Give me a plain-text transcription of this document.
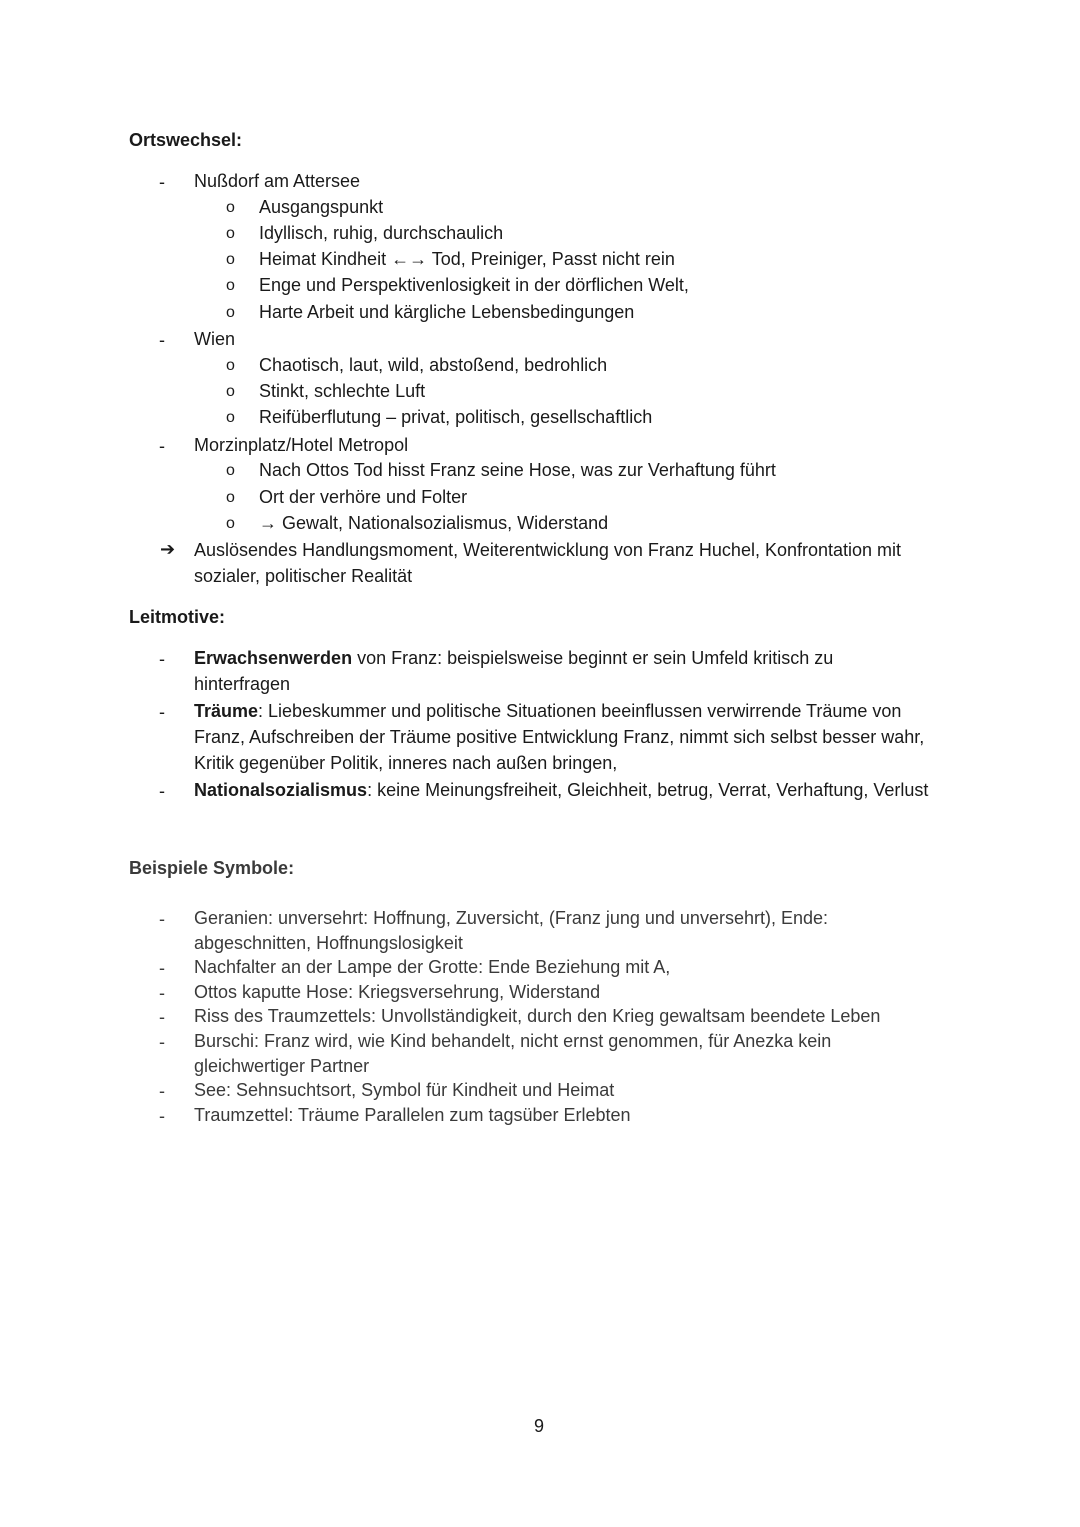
Ortswechsel:
- Nußdorf am Attersee
o Ausgangspunkt
o Idyllisch, ruhig, durchschaulich
o Heimat Kindheit ←→ Tod, Preiniger, Passt nicht rein
o Enge und Perspektivenlosigkeit in der dörflichen Welt,
o Harte Arbeit und kärgliche Lebensbedingungen
- Wien
o Chaotisch, laut, wild, abstoßend, bedrohlich
o Stinkt, schlechte Luft
o Reifüberflutung – privat, politisch, gesellschaftlich
- Morzinplatz/Hotel Metropol
o Nach Ottos Tod hisst Franz seine Hose, was zur Verhaftung führt
o Ort der verhöre und Folter
o → Gewalt, Nationalsozialismus, Widerstand
➔ Auslösendes Handlungsmoment, Weiterentwicklung von Franz Huchel, Konfrontation mit sozialer, politischer Realität
Leitmotive:
- Erwachsenwerden von Franz: beispielsweise beginnt er sein Umfeld kritisch zu hinterfragen
- Träume: Liebeskummer und politische Situationen beeinflussen verwirrende Träume von Franz, Aufschreiben der Träume positive Entwicklung Franz, nimmt sich selbst besser wahr, Kritik gegenüber Politik, inneres nach außen bringen,
- Nationalsozialismus: keine Meinungsfreiheit, Gleichheit, betrug, Verrat, Verhaftung, Verlust
Beispiele Symbole:
- Geranien: unversehrt: Hoffnung, Zuversicht, (Franz jung und unversehrt), Ende: abgeschnitten, Hoffnungslosigkeit
- Nachfalter an der Lampe der Grotte: Ende Beziehung mit A,
- Ottos kaputte Hose: Kriegsversehrung, Widerstand
- Riss des Traumzettels: Unvollständigkeit, durch den Krieg gewaltsam beendete Leben
- Burschi: Franz wird, wie Kind behandelt, nicht ernst genommen, für Anezka kein gleichwertiger Partner
- See: Sehnsuchtsort, Symbol für Kindheit und Heimat
- Traumzettel: Träume Parallelen zum tagsüber Erlebten
9
